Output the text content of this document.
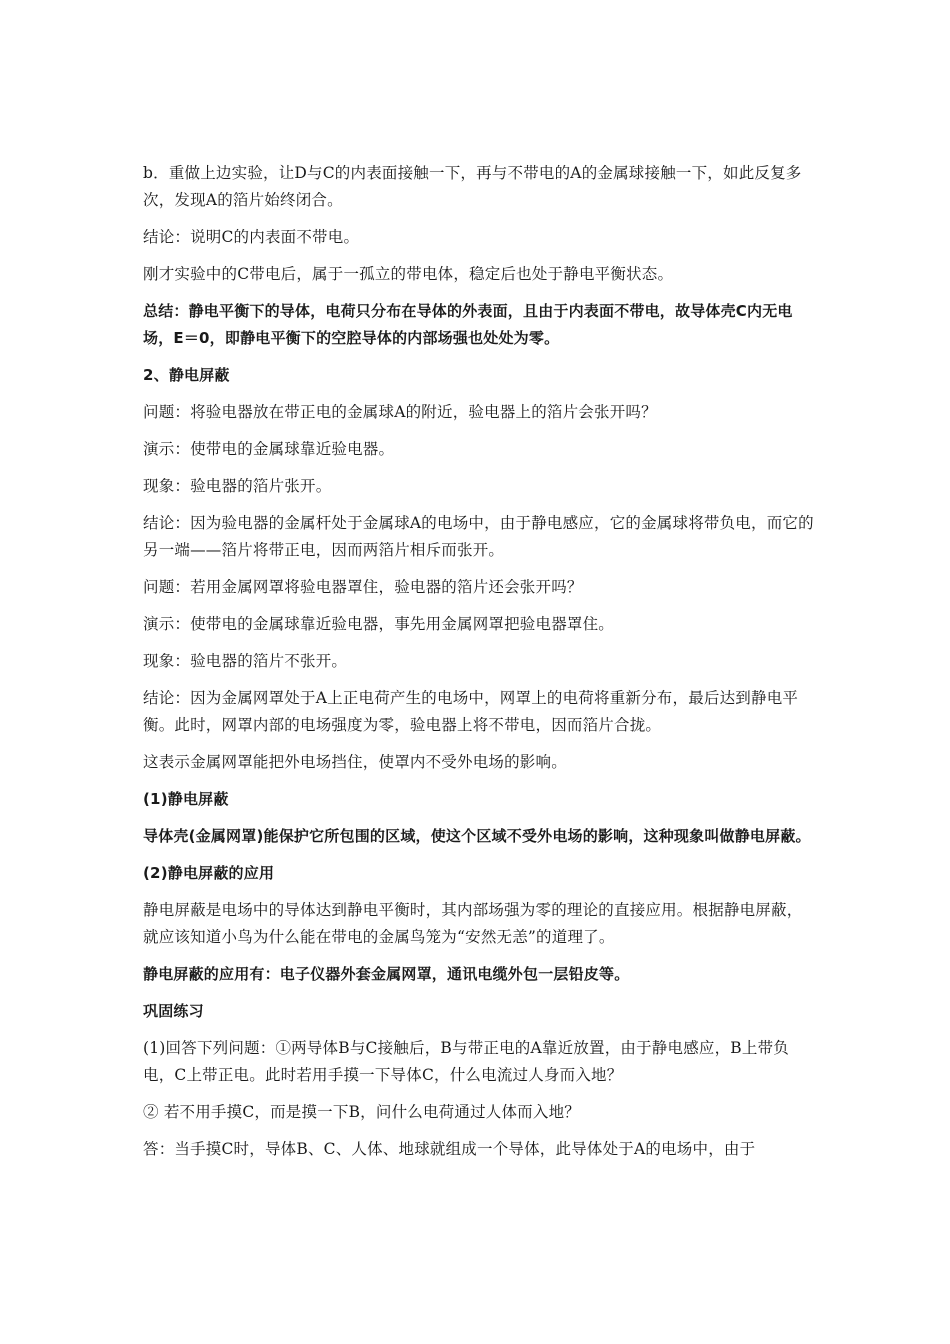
b．重做上边实验，让D与C的内表面接触一下，再与不带电的A的金属球接触一下，如此反复多次，发现A的箔片始终闭合。

结论：说明C的内表面不带电。

刚才实验中的C带电后，属于一孤立的带电体，稳定后也处于静电平衡状态。

总结：静电平衡下的导体，电荷只分布在导体的外表面，且由于内表面不带电，故导体壳C内无电场，E＝0，即静电平衡下的空腔导体的内部场强也处处为零。

2、静电屏蔽

问题：将验电器放在带正电的金属球A的附近，验电器上的箔片会张开吗？

演示：使带电的金属球靠近验电器。

现象：验电器的箔片张开。

结论：因为验电器的金属杆处于金属球A的电场中，由于静电感应，它的金属球将带负电，而它的另一端——箔片将带正电，因而两箔片相斥而张开。

问题：若用金属网罩将验电器罩住，验电器的箔片还会张开吗？

演示：使带电的金属球靠近验电器，事先用金属网罩把验电器罩住。

现象：验电器的箔片不张开。

结论：因为金属网罩处于A上正电荷产生的电场中，网罩上的电荷将重新分布，最后达到静电平衡。此时，网罩内部的电场强度为零，验电器上将不带电，因而箔片合拢。

这表示金属网罩能把外电场挡住，使罩内不受外电场的影响。

(1)静电屏蔽

导体壳(金属网罩)能保护它所包围的区域，使这个区域不受外电场的影响，这种现象叫做静电屏蔽。

(2)静电屏蔽的应用

静电屏蔽是电场中的导体达到静电平衡时，其内部场强为零的理论的直接应用。根据静电屏蔽，就应该知道小鸟为什么能在带电的金属鸟笼为“安然无恙”的道理了。

静电屏蔽的应用有：电子仪器外套金属网罩，通讯电缆外包一层铅皮等。

巩固练习

(1)回答下列问题：①两导体B与C接触后，B与带正电的A靠近放置，由于静电感应，B上带负电，C上带正电。此时若用手摸一下导体C，什么电流过人身而入地？

② 若不用手摸C，而是摸一下B，问什么电荷通过人体而入地？

答：当手摸C时，导体B、C、人体、地球就组成一个导体，此导体处于A的电场中，由于
